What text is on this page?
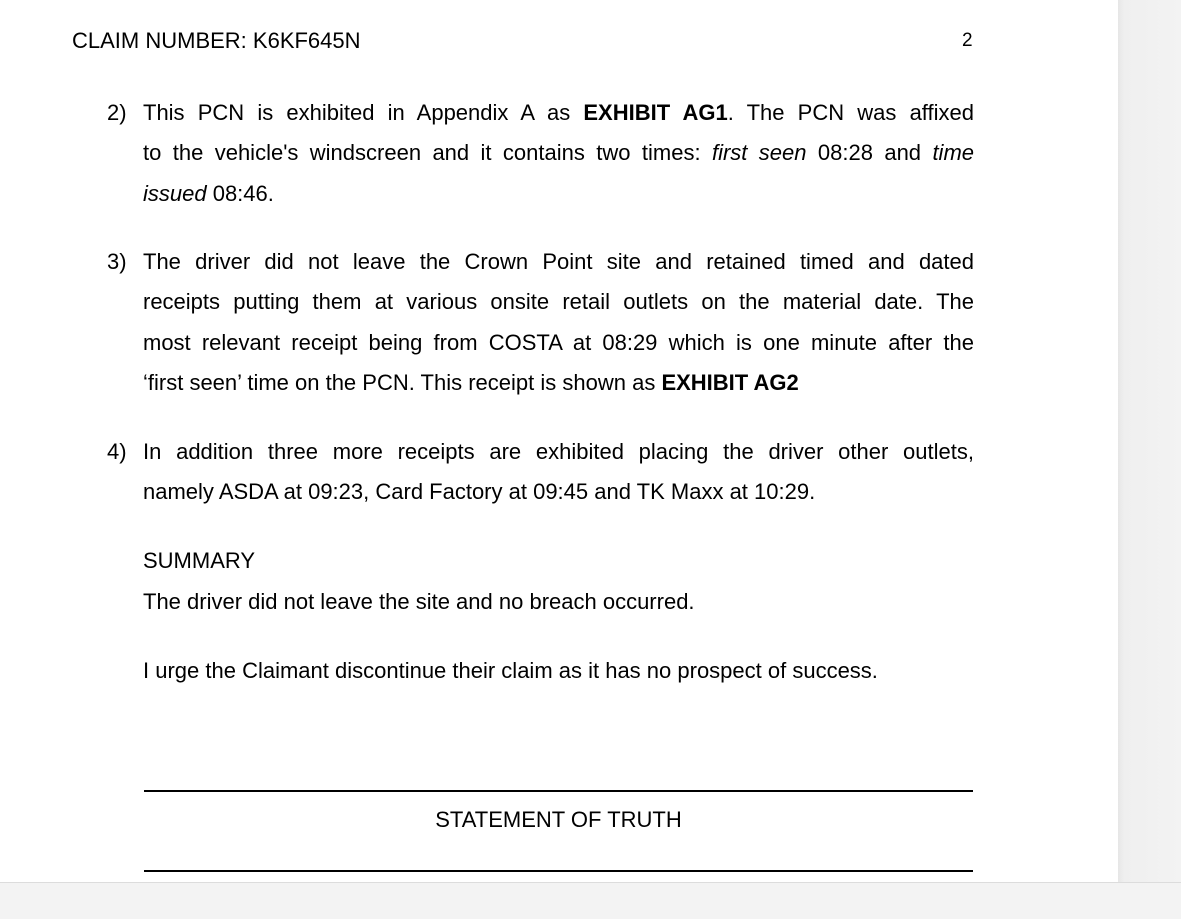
CLAIM NUMBER: K6KF645N	2
2) This PCN is exhibited in Appendix A as EXHIBIT AG1. The PCN was affixed
to the vehicle's windscreen and it contains two times: first seen 08:28 and time
issued 08:46.
3) The driver did not leave the Crown Point site and retained timed and dated
receipts putting them at various onsite retail outlets on the material date. The
most relevant receipt being from COSTA at 08:29 which is one minute after the
‘first seen’ time on the PCN. This receipt is shown as EXHIBIT AG2
4) In addition three more receipts are exhibited placing the driver other outlets,
namely ASDA at 09:23, Card Factory at 09:45 and TK Maxx at 10:29.
SUMMARY
The driver did not leave the site and no breach occurred.
I urge the Claimant discontinue their claim as it has no prospect of success.
STATEMENT OF TRUTH
